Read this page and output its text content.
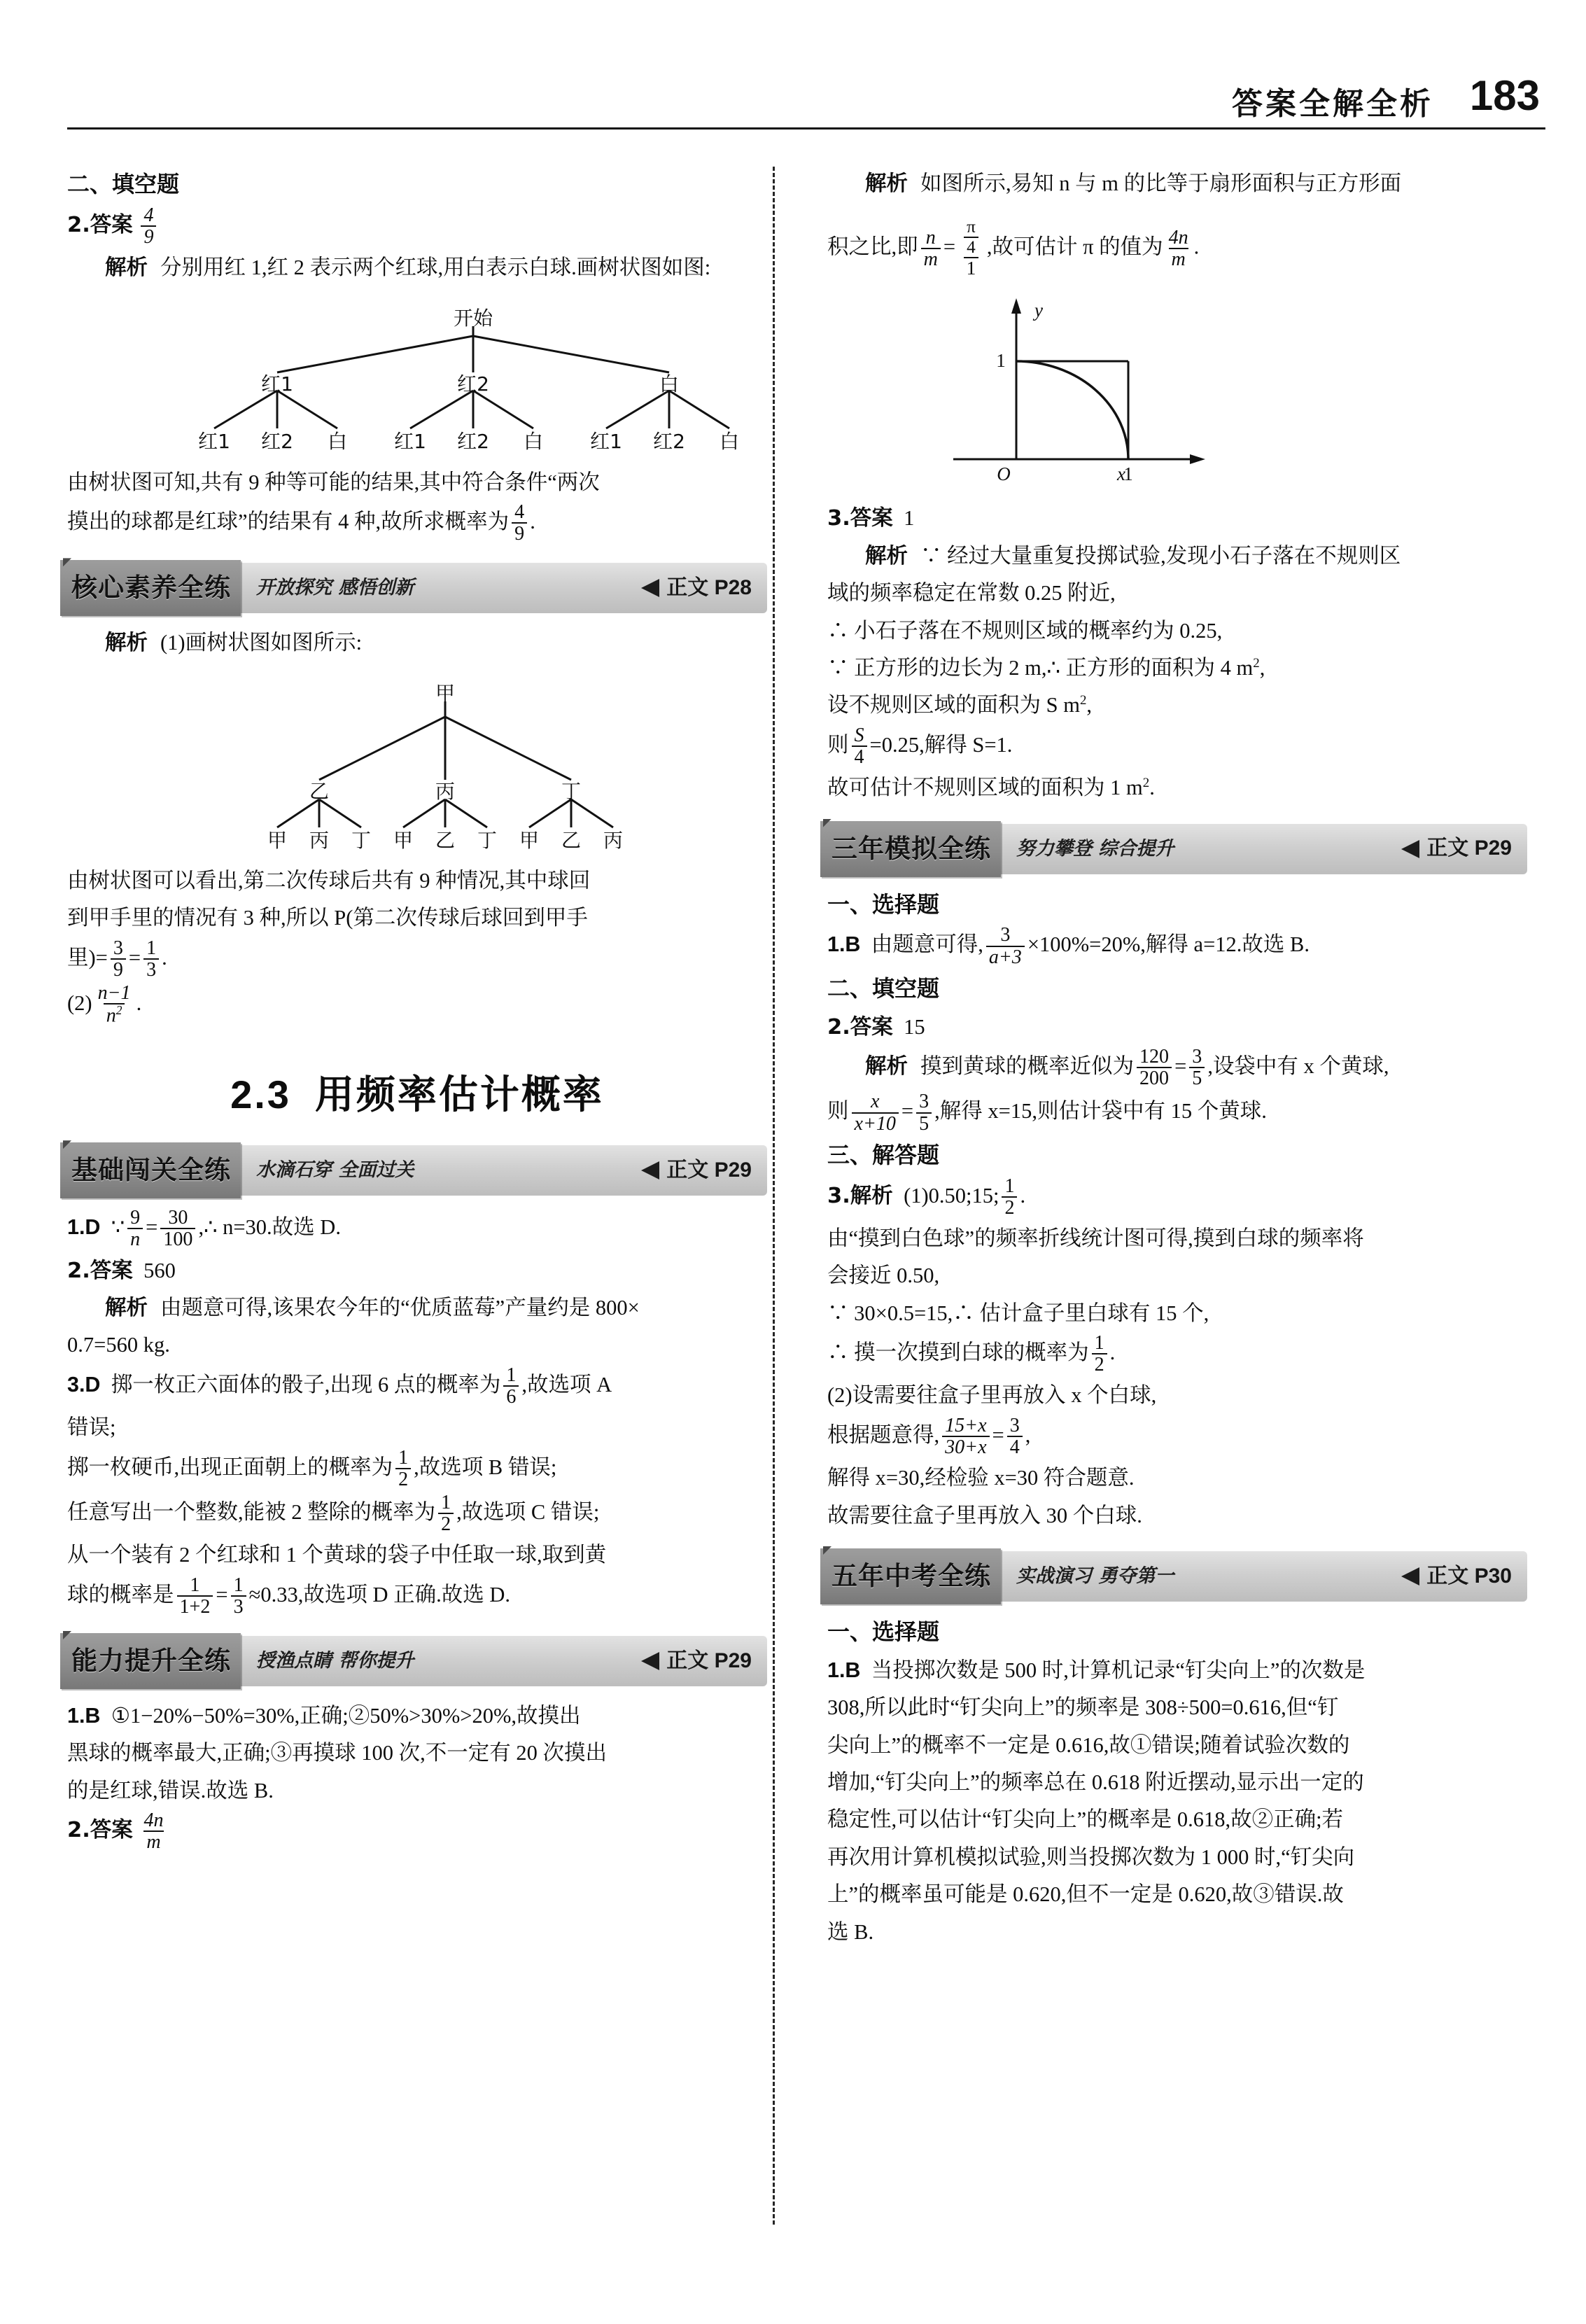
答案全解全析 183

二、填空题

2.答案 $\frac{4}{9}$

解析 分别用红 1,红 2 表示两个红球,用白表示白球.画树状图如图:

开始
红1	红2	白
红1 红2 白 红1 红2 白 红1 红2 白

由树状图可知,共有 9 种等可能的结果,其中符合条件“两次

摸出的球都是红球”的结果有 4 种,故所求概率为 $\frac{4}{9}$ .

核心素养全练	开放探究 感悟创新	正文 P28

解析 (1)画树状图如图所示:

甲
乙	丙	丁
甲 丙 丁 甲 乙 丁 甲 乙 丙

由树状图可以看出,第二次传球后共有 9 种情况,其中球回

到甲手里的情况有 3 种,所以 P(第二次传球后球回到甲手

里)= $\frac{3}{9} = \frac{1}{3}$ .

$(2) \frac{n-1}{n^2}$ .

2.3 用频率估计概率
基础闯关全练	水滴石穿 全面过关	正文 P29

1.D ∵ $\frac{9}{n} = \frac{30}{100}$ ,∴ n=30.故选 D.

2.答案 560

解析 由题意可得,该果农今年的“优质蓝莓”产量约是 800×

0.7=560 kg.

3.D 掷一枚正六面体的骰子,出现 6 点的概率为 $\frac{1}{6}$ ,故选项 A

错误;

掷一枚硬币,出现正面朝上的概率为 $\frac{1}{2}$ ,故选项 B 错误;

任意写出一个整数,能被 2 整除的概率为 $\frac{1}{2}$ ,故选项 C 错误;

从一个装有 2 个红球和 1 个黄球的袋子中任取一球,取到黄

球的概率是 $\frac{1}{1+2} = \frac{1}{3} \approx 0.33$,故选项 D 正确.故选 D.

能力提升全练	授渔点睛 帮你提升	正文 P29

1.B ①1−20%−50%=30%,正确;②50%>30%>20%,故摸出

黑球的概率最大,正确;③再摸球 100 次,不一定有 20 次摸出

的是红球,错误.故选 B.

2.答案 $\frac{4n}{m}$

解析 如图所示,易知 n 与 m 的比等于扇形面积与正方形面

积之比,即 $\frac{n}{m} = \frac{\frac{\pi}{4}}{1}$ ,故可估计 π 的值为 $\frac{4n}{m}$ .

y
x
O
1
1

3.答案 1

解析 ∵ 经过大量重复投掷试验,发现小石子落在不规则区

域的频率稳定在常数 0.25 附近,

∴ 小石子落在不规则区域的概率约为 0.25,

∵ 正方形的边长为 2 m,∴ 正方形的面积为 4 $m^2$,

设不规则区域的面积为 S $m^2$,

则 $\frac{S}{4} =0.25$,解得 S=1.

故可估计不规则区域的面积为 1 $m^2$.

三年模拟全练	努力攀登 综合提升	正文 P29

一、选择题

1.B 由题意可得, $\frac{3}{a+3} \times 100\%=20\%$,解得 a=12.故选 B.

二、填空题

2.答案 15

解析 摸到黄球的概率近似为 $\frac{120}{200} = \frac{3}{5}$ ,设袋中有 x 个黄球,

则 $\frac{x}{x+10} = \frac{3}{5}$ ,解得 x=15,则估计袋中有 15 个黄球.

三、解答题

3.解析 (1)0.50;15; $\frac{1}{2}$ .

由“摸到白色球”的频率折线统计图可得,摸到白球的频率将

会接近 0.50,

∵ 30×0.5=15,∴ 估计盒子里白球有 15 个,

∴ 摸一次摸到白球的概率为 $\frac{1}{2}$ .

(2)设需要往盒子里再放入 x 个白球,

根据题意得, $\frac{15+x}{30+x} = \frac{3}{4}$ ,

解得 x=30,经检验 x=30 符合题意.

故需要往盒子里再放入 30 个白球.

五年中考全练	实战演习 勇夺第一	正文 P30

一、选择题

1.B 当投掷次数是 500 时,计算机记录“钉尖向上”的次数是

308,所以此时“钉尖向上”的频率是 308÷500=0.616,但“钉

尖向上”的概率不一定是 0.616,故①错误;随着试验次数的

增加,“钉尖向上”的频率总在 0.618 附近摆动,显示出一定的

稳定性,可以估计“钉尖向上”的概率是 0.618,故②正确;若

再次用计算机模拟试验,则当投掷次数为 1 000 时,“钉尖向

上”的概率虽可能是 0.620,但不一定是 0.620,故③错误.故

选 B.
